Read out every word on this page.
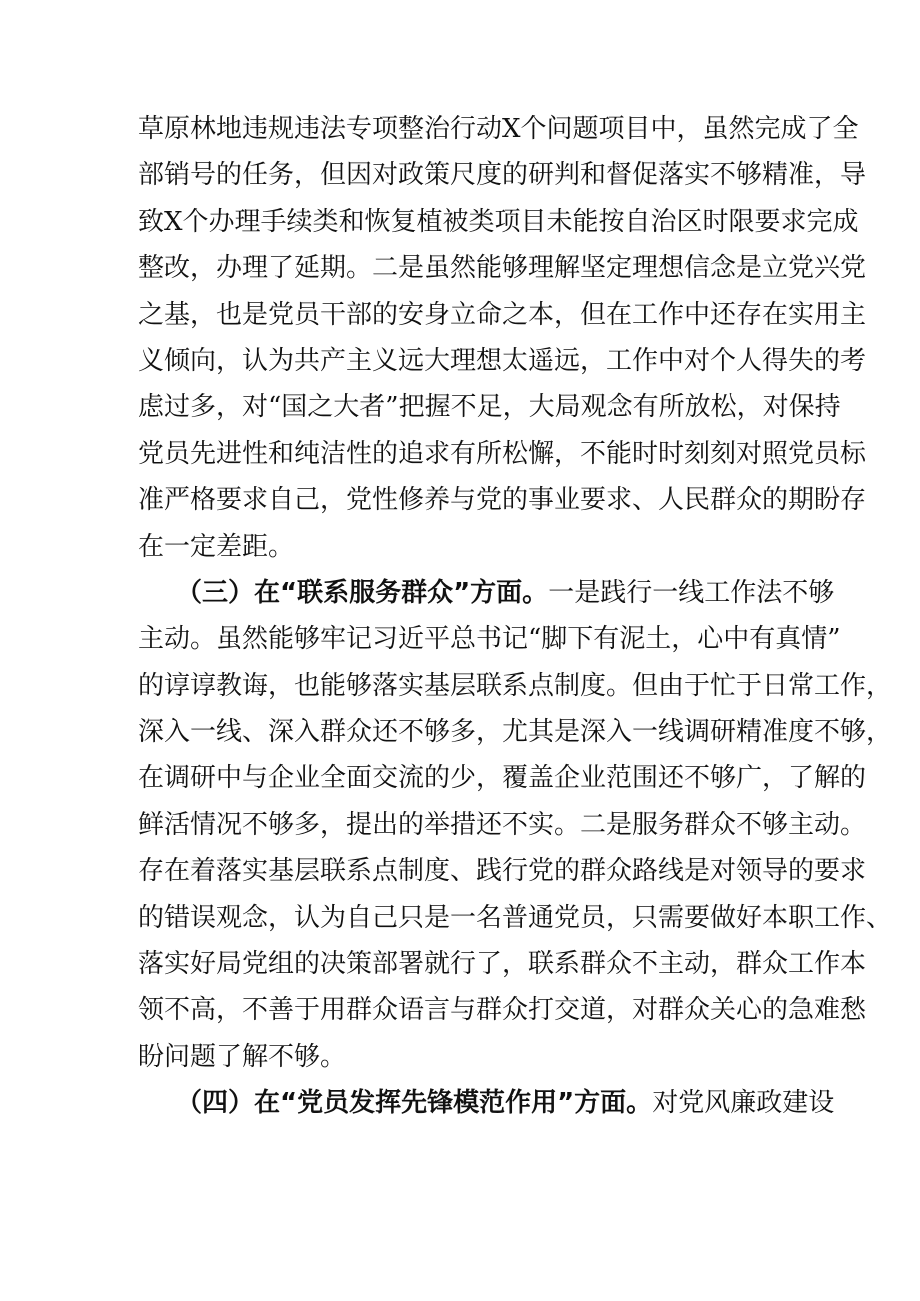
草原林地违规违法专项整治行动X个问题项目中，虽然完成了全
部销号的任务，但因对政策尺度的研判和督促落实不够精准，导
致X个办理手续类和恢复植被类项目未能按自治区时限要求完成
整改，办理了延期。二是虽然能够理解坚定理想信念是立党兴党
之基，也是党员干部的安身立命之本，但在工作中还存在实用主
义倾向，认为共产主义远大理想太遥远，工作中对个人得失的考
虑过多，对“国之大者”把握不足，大局观念有所放松，对保持
党员先进性和纯洁性的追求有所松懈，不能时时刻刻对照党员标
准严格要求自己，党性修养与党的事业要求、人民群众的期盼存
在一定差距。
（三）在“联系服务群众”方面。一是践行一线工作法不够
主动。虽然能够牢记习近平总书记“脚下有泥土，心中有真情”
的谆谆教诲，也能够落实基层联系点制度。但由于忙于日常工作，
深入一线、深入群众还不够多，尤其是深入一线调研精准度不够，
在调研中与企业全面交流的少，覆盖企业范围还不够广，了解的
鲜活情况不够多，提出的举措还不实。二是服务群众不够主动。
存在着落实基层联系点制度、践行党的群众路线是对领导的要求
的错误观念，认为自己只是一名普通党员，只需要做好本职工作、
落实好局党组的决策部署就行了，联系群众不主动，群众工作本
领不高，不善于用群众语言与群众打交道，对群众关心的急难愁
盼问题了解不够。
（四）在“党员发挥先锋模范作用”方面。对党风廉政建设
